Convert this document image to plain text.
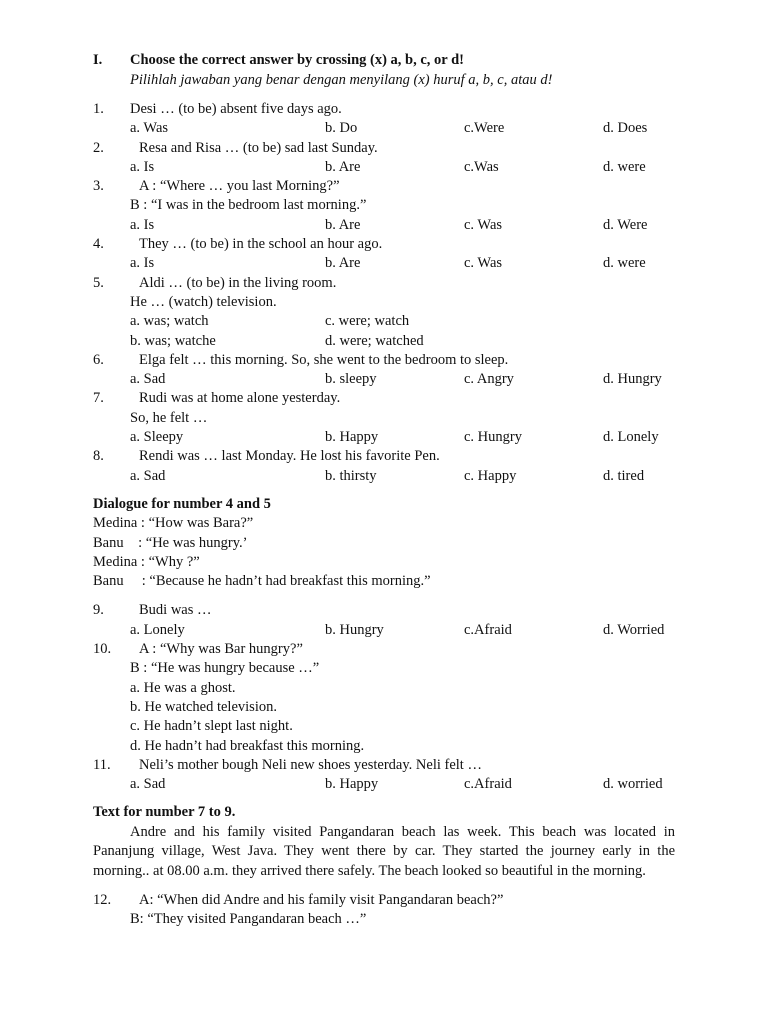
I. Choose the correct answer by crossing (x) a, b, c, or d!
Pilihlah jawaban yang benar dengan menyilang (x) huruf a, b, c, atau d!
1. Desi … (to be) absent five days ago.
a. Was	b. Do	c.Were	d. Does
2. Resa and Risa … (to be) sad last Sunday.
a. Is	b. Are	c.Was	d. were
3. A : “Where … you last Morning?”
B : “I was in the bedroom last morning.”
a. Is	b. Are	c. Was	d. Were
4. They … (to be) in the school an hour ago.
a. Is	b. Are	c. Was	d. were
5. Aldi … (to be) in the living room.
He … (watch) television.
a. was; watch	c. were; watch
b. was; watche	d. were; watched
6. Elga felt … this morning. So, she went to the bedroom to sleep.
a. Sad	b. sleepy	c. Angry	d. Hungry
7. Rudi was at home alone yesterday.
So, he felt …
a. Sleepy	b. Happy	c. Hungry	d. Lonely
8. Rendi was … last Monday. He lost his favorite Pen.
a. Sad	b. thirsty	c. Happy	d. tired
Dialogue for number 4 and 5
Medina : “How was Bara?”
Banu    : “He was hungry.’
Medina : “Why ?”
Banu     : “Because he hadn’t had breakfast this morning.”
9. Budi was …
a. Lonely	b. Hungry	c.Afraid	d. Worried
10. A : “Why was Bar hungry?”
B : “He was hungry because …”
a. He was a ghost.
b. He watched television.
c. He hadn’t slept last night.
d. He hadn’t had breakfast this morning.
11. Neli’s mother bough Neli new shoes yesterday. Neli felt …
a. Sad	b. Happy	c.Afraid	d. worried
Text for number 7 to 9.
Andre and his family visited Pangandaran beach las week. This beach was located in Pananjung village, West Java. They went there by car. They started the journey early in the morning.. at 08.00 a.m. they arrived there safely. The beach looked so beautiful in the morning.
12. A: “When did Andre and his family visit Pangandaran beach?”
B: “They visited Pangandaran beach …”
